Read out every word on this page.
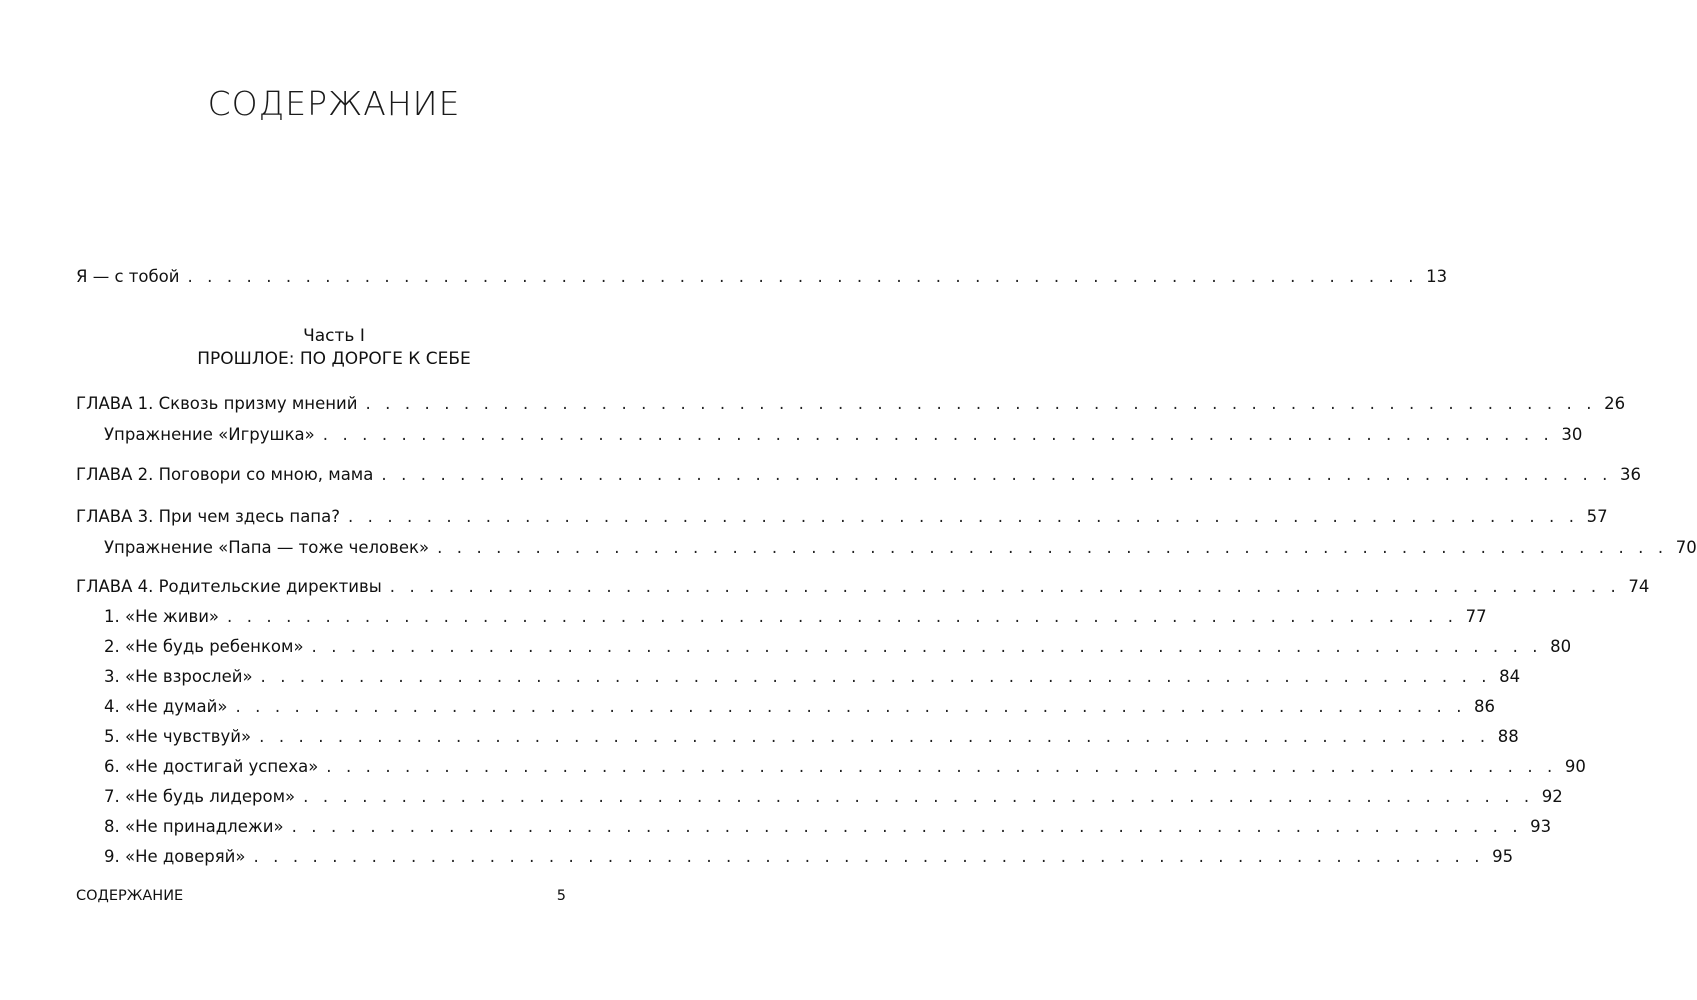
СОДЕРЖАНИЕ
Я — с тобой . . . . . . . . . . . . . . . . . . . . . . . . . . . . . . . . . . . . . . . . . . . . . . . . . . . . . . . . . . . . . . . 13
ГЛАВА 1. Сквозь призму мнений . . . . . . . . . . . . . . . . . . . . . . . . . . . . . . . . . . . . . . . . . . . . . . . . . . . . . . . . . . . . . . . 26
Упражнение «Игрушка» . . . . . . . . . . . . . . . . . . . . . . . . . . . . . . . . . . . . . . . . . . . . . . . . . . . . . . . . . . . . . . . 30
ГЛАВА 2. Поговори со мною, мама . . . . . . . . . . . . . . . . . . . . . . . . . . . . . . . . . . . . . . . . . . . . . . . . . . . . . . . . . . . . . . . 36
ГЛАВА 3. При чем здесь папа? . . . . . . . . . . . . . . . . . . . . . . . . . . . . . . . . . . . . . . . . . . . . . . . . . . . . . . . . . . . . . . . 57
Упражнение «Папа — тоже человек» . . . . . . . . . . . . . . . . . . . . . . . . . . . . . . . . . . . . . . . . . . . . . . . . . . . . . . . . . . . . . . . 70
ГЛАВА 4. Родительские директивы . . . . . . . . . . . . . . . . . . . . . . . . . . . . . . . . . . . . . . . . . . . . . . . . . . . . . . . . . . . . . . . 74
1. «Не живи» . . . . . . . . . . . . . . . . . . . . . . . . . . . . . . . . . . . . . . . . . . . . . . . . . . . . . . . . . . . . . . . 77
2. «Не будь ребенком» . . . . . . . . . . . . . . . . . . . . . . . . . . . . . . . . . . . . . . . . . . . . . . . . . . . . . . . . . . . . . . . 80
3. «Не взрослей» . . . . . . . . . . . . . . . . . . . . . . . . . . . . . . . . . . . . . . . . . . . . . . . . . . . . . . . . . . . . . . . 84
4. «Не думай» . . . . . . . . . . . . . . . . . . . . . . . . . . . . . . . . . . . . . . . . . . . . . . . . . . . . . . . . . . . . . . . 86
5. «Не чувствуй» . . . . . . . . . . . . . . . . . . . . . . . . . . . . . . . . . . . . . . . . . . . . . . . . . . . . . . . . . . . . . . . 88
6. «Не достигай успеха» . . . . . . . . . . . . . . . . . . . . . . . . . . . . . . . . . . . . . . . . . . . . . . . . . . . . . . . . . . . . . . . 90
7. «Не будь лидером» . . . . . . . . . . . . . . . . . . . . . . . . . . . . . . . . . . . . . . . . . . . . . . . . . . . . . . . . . . . . . . . 92
8. «Не принадлежи» . . . . . . . . . . . . . . . . . . . . . . . . . . . . . . . . . . . . . . . . . . . . . . . . . . . . . . . . . . . . . . . 93
9. «Не доверяй» . . . . . . . . . . . . . . . . . . . . . . . . . . . . . . . . . . . . . . . . . . . . . . . . . . . . . . . . . . . . . . . 95
Часть I
ПРОШЛОЕ: ПО ДОРОГЕ К СЕБЕ
СОДЕРЖАНИЕ	5
